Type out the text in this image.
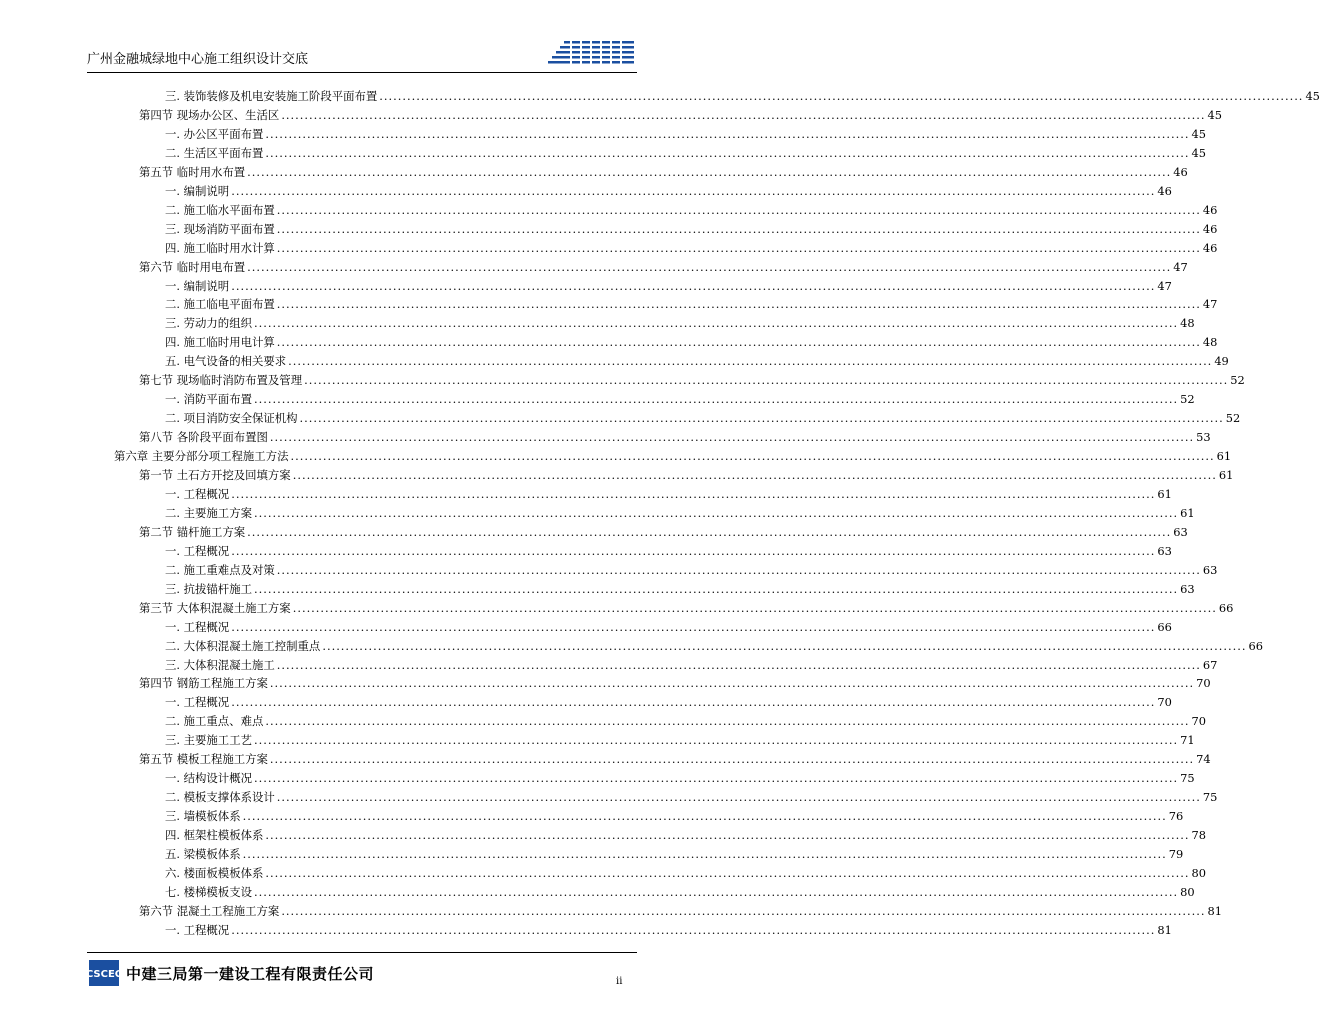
广州金融城绿地中心施工组织设计交底
三. 装饰装修及机电安装施工阶段平面布置 ........................................................................................................................................................................................................ 45
第四节 现场办公区、生活区 ........................................................................................................................................................................................................ 45
一. 办公区平面布置 ........................................................................................................................................................................................................ 45
二. 生活区平面布置 ........................................................................................................................................................................................................ 45
第五节 临时用水布置 ........................................................................................................................................................................................................ 46
一. 编制说明 ........................................................................................................................................................................................................ 46
二. 施工临水平面布置 ........................................................................................................................................................................................................ 46
三. 现场消防平面布置 ........................................................................................................................................................................................................ 46
四. 施工临时用水计算 ........................................................................................................................................................................................................ 46
第六节 临时用电布置 ........................................................................................................................................................................................................ 47
一. 编制说明 ........................................................................................................................................................................................................ 47
二. 施工临电平面布置 ........................................................................................................................................................................................................ 47
三. 劳动力的组织 ........................................................................................................................................................................................................ 48
四. 施工临时用电计算 ........................................................................................................................................................................................................ 48
五. 电气设备的相关要求 ........................................................................................................................................................................................................ 49
第七节 现场临时消防布置及管理 ........................................................................................................................................................................................................ 52
一. 消防平面布置 ........................................................................................................................................................................................................ 52
二. 项目消防安全保证机构 ........................................................................................................................................................................................................ 52
第八节 各阶段平面布置图 ........................................................................................................................................................................................................ 53
第六章 主要分部分项工程施工方法 ........................................................................................................................................................................................................ 61
第一节 土石方开挖及回填方案 ........................................................................................................................................................................................................ 61
一. 工程概况 ........................................................................................................................................................................................................ 61
二. 主要施工方案 ........................................................................................................................................................................................................ 61
第二节 锚杆施工方案 ........................................................................................................................................................................................................ 63
一. 工程概况 ........................................................................................................................................................................................................ 63
二. 施工重难点及对策 ........................................................................................................................................................................................................ 63
三. 抗拔锚杆施工 ........................................................................................................................................................................................................ 63
第三节 大体积混凝土施工方案 ........................................................................................................................................................................................................ 66
一. 工程概况 ........................................................................................................................................................................................................ 66
二. 大体积混凝土施工控制重点 ........................................................................................................................................................................................................ 66
三. 大体积混凝土施工 ........................................................................................................................................................................................................ 67
第四节 钢筋工程施工方案 ........................................................................................................................................................................................................ 70
一. 工程概况 ........................................................................................................................................................................................................ 70
二. 施工重点、难点 ........................................................................................................................................................................................................ 70
三. 主要施工工艺 ........................................................................................................................................................................................................ 71
第五节 模板工程施工方案 ........................................................................................................................................................................................................ 74
一. 结构设计概况 ........................................................................................................................................................................................................ 75
二. 模板支撑体系设计 ........................................................................................................................................................................................................ 75
三. 墙模板体系 ........................................................................................................................................................................................................ 76
四. 框架柱模板体系 ........................................................................................................................................................................................................ 78
五. 梁模板体系 ........................................................................................................................................................................................................ 79
六. 楼面板模板体系 ........................................................................................................................................................................................................ 80
七. 楼梯模板支设 ........................................................................................................................................................................................................ 80
第六节 混凝土工程施工方案 ........................................................................................................................................................................................................ 81
一. 工程概况 ........................................................................................................................................................................................................ 81
CSCEC 中建三局第一建设工程有限责任公司	ii
